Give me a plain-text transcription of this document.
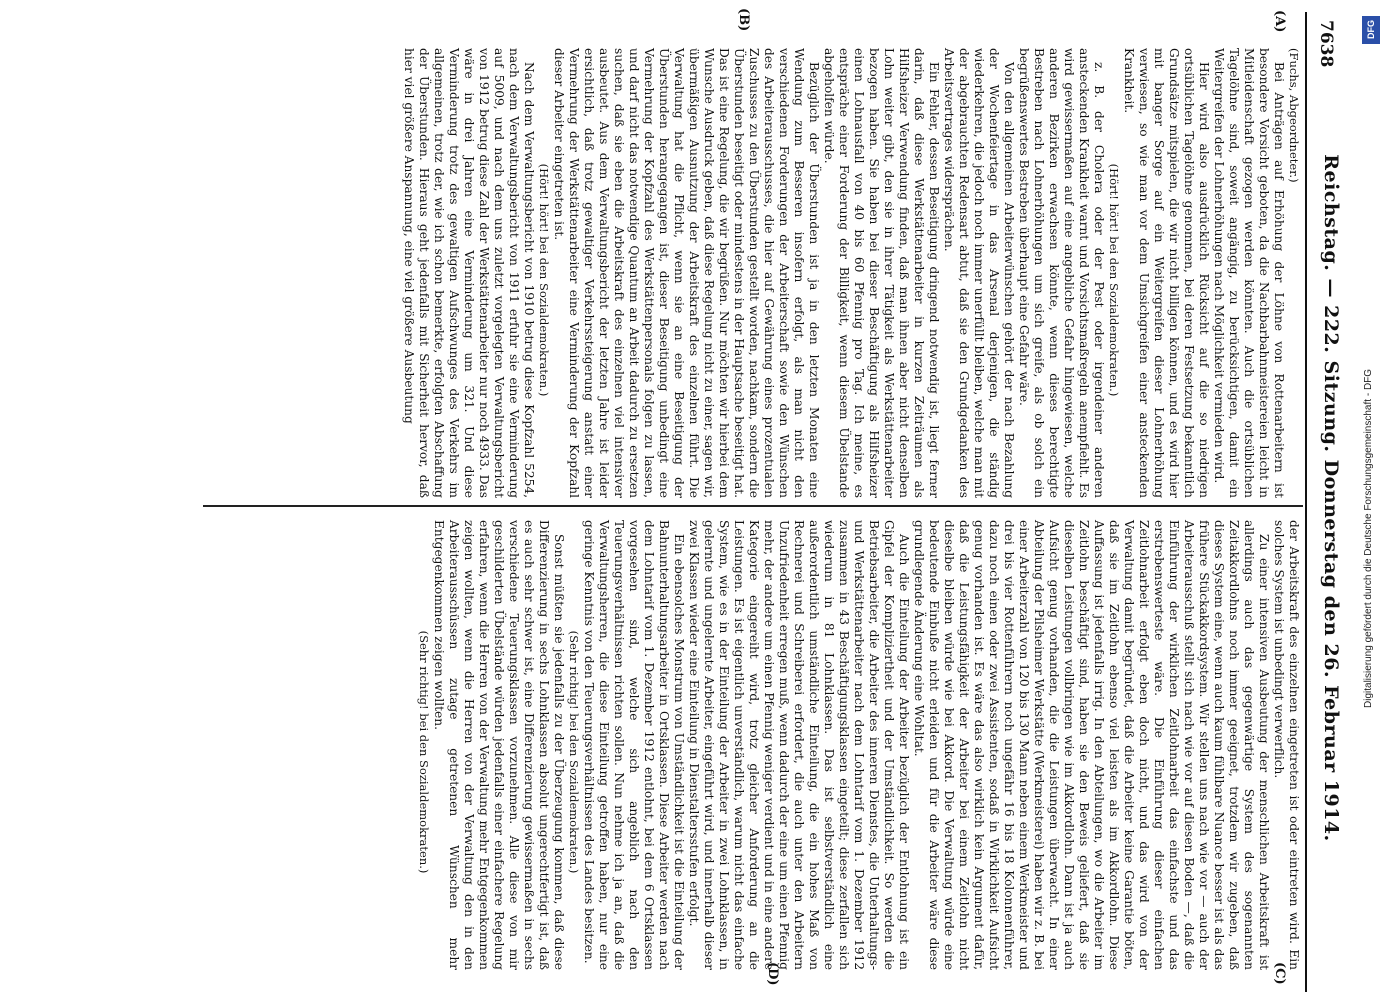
7638
Reichstag. — 222. Sitzung. Donnerstag den 26. Februar 1914.
(A)
(B)
(C)
(D)

(Fuchs, Abgeordneter.)

Bei Anträgen auf Erhöhung der Löhne von Rottenarbeitern ist besondere Vorsicht geboten, da die Nachbarbahnmeistereien leicht in Mitleidenschaft gezogen werden könnten. Auch die ortsüblichen Tagelöhne sind, soweit angängig, zu berücksichtigen, damit ein Weitergreifen der Lohnerhöhungen nach Möglichkeit vermieden wird.

Hier wird also ausdrücklich Rücksicht auf die so niedrigen ortsüblichen Tagelöhne genommen, bei deren Festsetzung bekanntlich Grundsätze mitspielen, die wir nicht billigen können, und es wird hier mit banger Sorge auf ein Weitergreifen dieser Lohnerhöhung verwiesen, so wie man vor dem Umsichgreifen einer ansteckenden Krankheit.

(Hört! hört! bei den Sozialdemokraten.)

z. B. der Cholera oder der Pest oder irgendeiner anderen ansteckenden Krankheit warnt und Vorsichtsmaßregeln anempfiehlt. Es wird gewissermaßen auf eine angebliche Gefahr hingewiesen, welche anderen Bezirken erwachsen könnte, wenn dieses berechtigte Bestreben nach Lohnerhöhungen um sich greife, als ob solch ein begrüßenswertes Bestreben überhaupt eine Gefahr wäre.

Von den allgemeinen Arbeiterwünschen gehört der nach Bezahlung der Wochenfeiertage in das Arsenal derjenigen, die ständig wiederkehren, die jedoch noch immer unerfüllt bleiben, welche man mit der abgebrauchten Redensart abtut, daß sie den Grundgedanken des Arbeitsvertrages widersprächen.

Ein Fehler, dessen Beseitigung dringend notwendig ist, liegt ferner darin, daß diese Werkstättenarbeiter in kurzen Zeiträumen als Hilfsheizer Verwendung finden, daß man ihnen aber nicht denselben Lohn weiter gibt, den sie in ihrer Tätigkeit als Werkstättenarbeiter bezogen haben. Sie haben bei dieser Beschäftigung als Hilfsheizer einen Lohnausfall von 40 bis 60 Pfennig pro Tag. Ich meine, es entspräche einer Forderung der Billigkeit, wenn diesem Übelstande abgeholfen würde.

Bezüglich der Überstunden ist ja in den letzten Monaten eine Wendung zum Besseren insofern erfolgt, als man nicht den verschiedenen Forderungen der Arbeiterschaft sowie den Wünschen des Arbeiterausschusses, die hier auf Gewährung eines prozentualen Zuschusses zu den Überstunden gestellt worden, nachkam, sondern die Überstunden beseitigt oder mindestens in der Hauptsache beseitigt hat. Das ist eine Regelung, die wir begrüßen. Nur möchten wir hierbei dem Wunsche Ausdruck geben, daß diese Regelung nicht zu einer, sagen wir, übermäßigen Ausnutzung der Arbeitskraft des einzelnen führt. Die Verwaltung hat die Pflicht, wenn sie an eine Beseitigung der Überstunden herangegangen ist, dieser Beseitigung unbedingt eine Vermehrung der Kopfzahl des Werkstättenpersonals folgen zu lassen, und darf nicht das notwendige Quantum an Arbeit dadurch zu ersetzen suchen, daß sie eben die Arbeitskraft des einzelnen viel intensiver ausbeutet. Aus dem Verwaltungsbericht der letzten Jahre ist leider ersichtlich, daß trotz gewaltiger Verkehrssteigerung anstatt einer Vermehrung der Werkstättenarbeiter eine Verminderung der Kopfzahl dieser Arbeiter eingetreten ist.

(Hört! hört! bei den Sozialdemokraten.)

Nach dem Verwaltungsbericht von 1910 betrug diese Kopfzahl 5254, nach dem Verwaltungsbericht von 1911 erfuhr sie eine Verminderung auf 5009, und nach dem uns zuletzt vorgelegten Verwaltungsbericht von 1912 betrug diese Zahl der Werkstättenarbeiter nur noch 4933. Das wäre in drei Jahren eine Verminderung um 321. Und diese Verminderung trotz des gewaltigen Aufschwunges des Verkehrs im allgemeinen, trotz der, wie ich schon bemerkte, erfolgten Abschaffung der Überstunden. Hieraus geht jedenfalls mit Sicherheit hervor, daß hier viel größere Anspannung, eine viel größere Ausbeutung

der Arbeitskraft des einzelnen eingetreten ist oder eintreten wird. Ein solches System ist unbedingt verwerflich.

Zu einer intensiven Ausbeutung der menschlichen Arbeitskraft ist allerdings auch das gegenwärtige System des sogenannten Zeitakkordlohns noch immer geeignet, trotzdem wir zugeben, daß dieses System eine, wenn auch kaum fühlbare Nuance besser ist als das frühere Stückakkordsystem. Wir stellen uns nach wie vor — auch der Arbeiterausschuß stellt sich nach wie vor auf diesen Boden —, daß die Einführung der wirklichen Zeitlohnarbeit das einfachste und das erstrebenswerteste wäre. Die Einführung dieser einfachen Zeitlohnarbeit erfolgt eben doch nicht, und das wird von der Verwaltung damit begründet, daß die Arbeiter keine Garantie böten, daß sie im Zeitlohn ebenso viel leisten als im Akkordlohn. Diese Auffassung ist jedenfalls irrig. In den Abteilungen, wo die Arbeiter im Zeitlohn beschäftigt sind, haben sie den Beweis geliefert, daß sie dieselben Leistungen vollbringen wie im Akkordlohn. Dann ist ja auch Aufsicht genug vorhanden, die die Leistungen überwacht. In einer Abteilung der Pilsheimer Werkstätte (Werkmeisterei) haben wir z. B. bei einer Arbeiterzahl von 120 bis 130 Mann neben einem Werkmeister und drei bis vier Rottenführern noch ungefähr 16 bis 18 Kolonnenführer, dazu noch einen oder zwei Assistenten, sodaß in Wirklichkeit Aufsicht genug vorhanden ist. Es wäre das also wirklich kein Argument dafür, daß die Leistungsfähigkeit der Arbeiter bei einem Zeitlohn nicht dieselbe bleiben würde wie bei Akkord. Die Verwaltung würde eine bedeutende Einbuße nicht erleiden und für die Arbeiter wäre diese grundlegende Änderung eine Wohltat.

Auch die Einteilung der Arbeiter bezüglich der Entlohnung ist ein Gipfel der Kompliziertheit und der Umständlichkeit. So werden die Betriebsarbeiter, die Arbeiter des inneren Dienstes, die Unterhaltungs- und Werkstättenarbeiter nach dem Lohntarif vom 1. Dezember 1912 zusammen in 43 Beschäftigungsklassen eingeteilt; diese zerfallen sich wiederum in 81 Lohnklassen. Das ist selbstverständlich eine außerordentlich umständliche Einteilung, die ein hohes Maß von Rechnerei und Schreiberei erfordert, die auch unter den Arbeitern Unzufriedenheit erregen muß, wenn dadurch der eine um einen Pfennig mehr, der andere um einen Pfennig weniger verdient und in eine andere Kategorie eingereiht wird, trotz gleicher Anforderung an die Leistungen. Es ist eigentlich unverständlich, warum nicht das einfache System, wie es in der Einteilung der Arbeiter in zwei Lohnklassen, in gelernte und ungelernte Arbeiter, eingeführt wird, und innerhalb dieser zwei Klassen wieder eine Einteilung in Dienstaltersstufen erfolgt.

Ein ebensolches Monstrum von Umständlichkeit ist die Einteilung der Bahnunterhaltungsarbeiter in Ortsklassen. Diese Arbeiter werden nach dem Lohntarif vom 1. Dezember 1912 entlohnt, bei dem 6 Ortsklassen vorgesehen sind, welche sich angeblich nach den Teuerungsverhältnissen richten sollen. Nun nehme ich ja an, daß die Verwaltungsherren, die diese Einteilung getroffen haben, nur eine geringe Kenntnis von den Teuerungsverhältnissen des Landes besitzen.

(Sehr richtig! bei den Sozialdemokraten.)

Sonst müßten sie jedenfalls zu der Überzeugung kommen, daß diese Differenzierung in sechs Lohnklassen absolut ungerechtfertigt ist, daß es auch sehr schwer ist, eine Differenzierung gewissermaßen in sechs verschiedene Teuerungsklassen vorzunehmen. Alle diese von mir geschilderten Übelstände würden jedenfalls einer einfachere Regelung erfahren, wenn die Herren von der Verwaltung mehr Entgegenkommen zeigen wollten, wenn die Herren von der Verwaltung den in den Arbeiterausschüssen zutage getretenen Wünschen mehr Entgegenkommen zeigen wollten.

(Sehr richtig! bei den Sozialdemokraten.)

DFG
Digitalisierung gefördert durch die Deutsche Forschungsgemeinschaft - DFG
